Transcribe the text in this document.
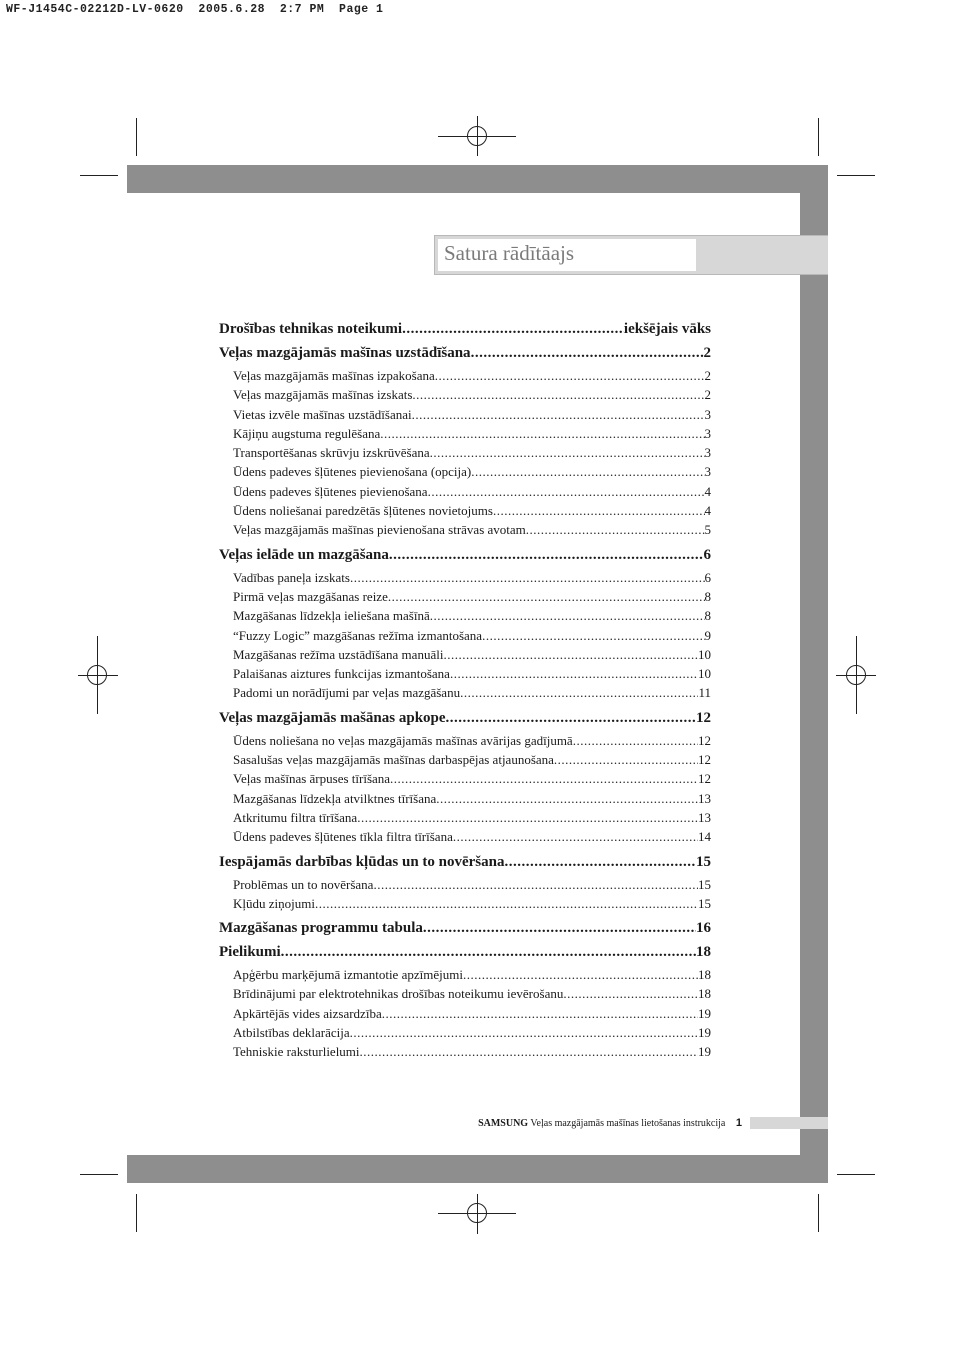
WF-J1454C-02212D-LV-0620  2005.6.28  2:7 PM  Page 1

Satura rādītāajs
Drošības tehnikas noteikumi .....	iekšējais vāks
Veļas mazgājamās mašīnas uzstādīšana .....	2
Veļas mazgājamās mašīnas izpakošana .....	2
Veļas mazgājamās mašīnas izskats .....	2
Vietas izvēle mašīnas uzstādīšanai .....	3
Kājiņu augstuma regulēšana .....	3
Transportēšanas skrūvju izskrūvēšana .....	3
Ūdens padeves šļūtenes pievienošana (opcija) .....	3
Ūdens padeves šļūtenes pievienošana .....	4
Ūdens noliešanai paredzētās šļūtenes novietojums .....	4
Veļas mazgājamās mašīnas pievienošana strāvas avotam .....	5
Veļas ielāde un mazgāšana .....	6
Vadības paneļa izskats .....	6
Pirmā veļas mazgāšanas reize .....	8
Mazgāšanas līdzekļa ieliešana mašīnā .....	8
“Fuzzy Logic” mazgāšanas režīma izmantošana .....	9
Mazgāšanas režīma uzstādīšana manuāli .....	10
Palaišanas aiztures funkcijas izmantošana .....	10
Padomi un norādījumi par veļas mazgāšanu .....	11
Veļas mazgājamās mašānas apkope .....	12
Ūdens noliešana no veļas mazgājamās mašīnas avārijas gadījumā .....	12
Sasalušas veļas mazgājamās mašīnas darbaspējas atjaunošana .....	12
Veļas mašīnas ārpuses tīrīšana .....	12
Mazgāšanas līdzekļa atvilktnes tīrīšana .....	13
Atkritumu filtra tīrīšana .....	13
Ūdens padeves šļūtenes tīkla filtra tīrīšana .....	14
Iespājamās darbības kļūdas un to novēršana .....	15
Problēmas un to novēršana .....	15
Kļūdu ziņojumi .....	15
Mazgāšanas programmu tabula .....	16
Pielikumi .....	18
Apģērbu marķējumā izmantotie apzīmējumi .....	18
Brīdinājumi par elektrotehnikas drošības noteikumu ievērošanu .....	18
Apkārtējās vides aizsardzība .....	19
Atbilstības deklarācija .....	19
Tehniskie raksturlielumi .....	19
SAMSUNG Veļas mazgājamās mašīnas lietošanas instrukcija 1
